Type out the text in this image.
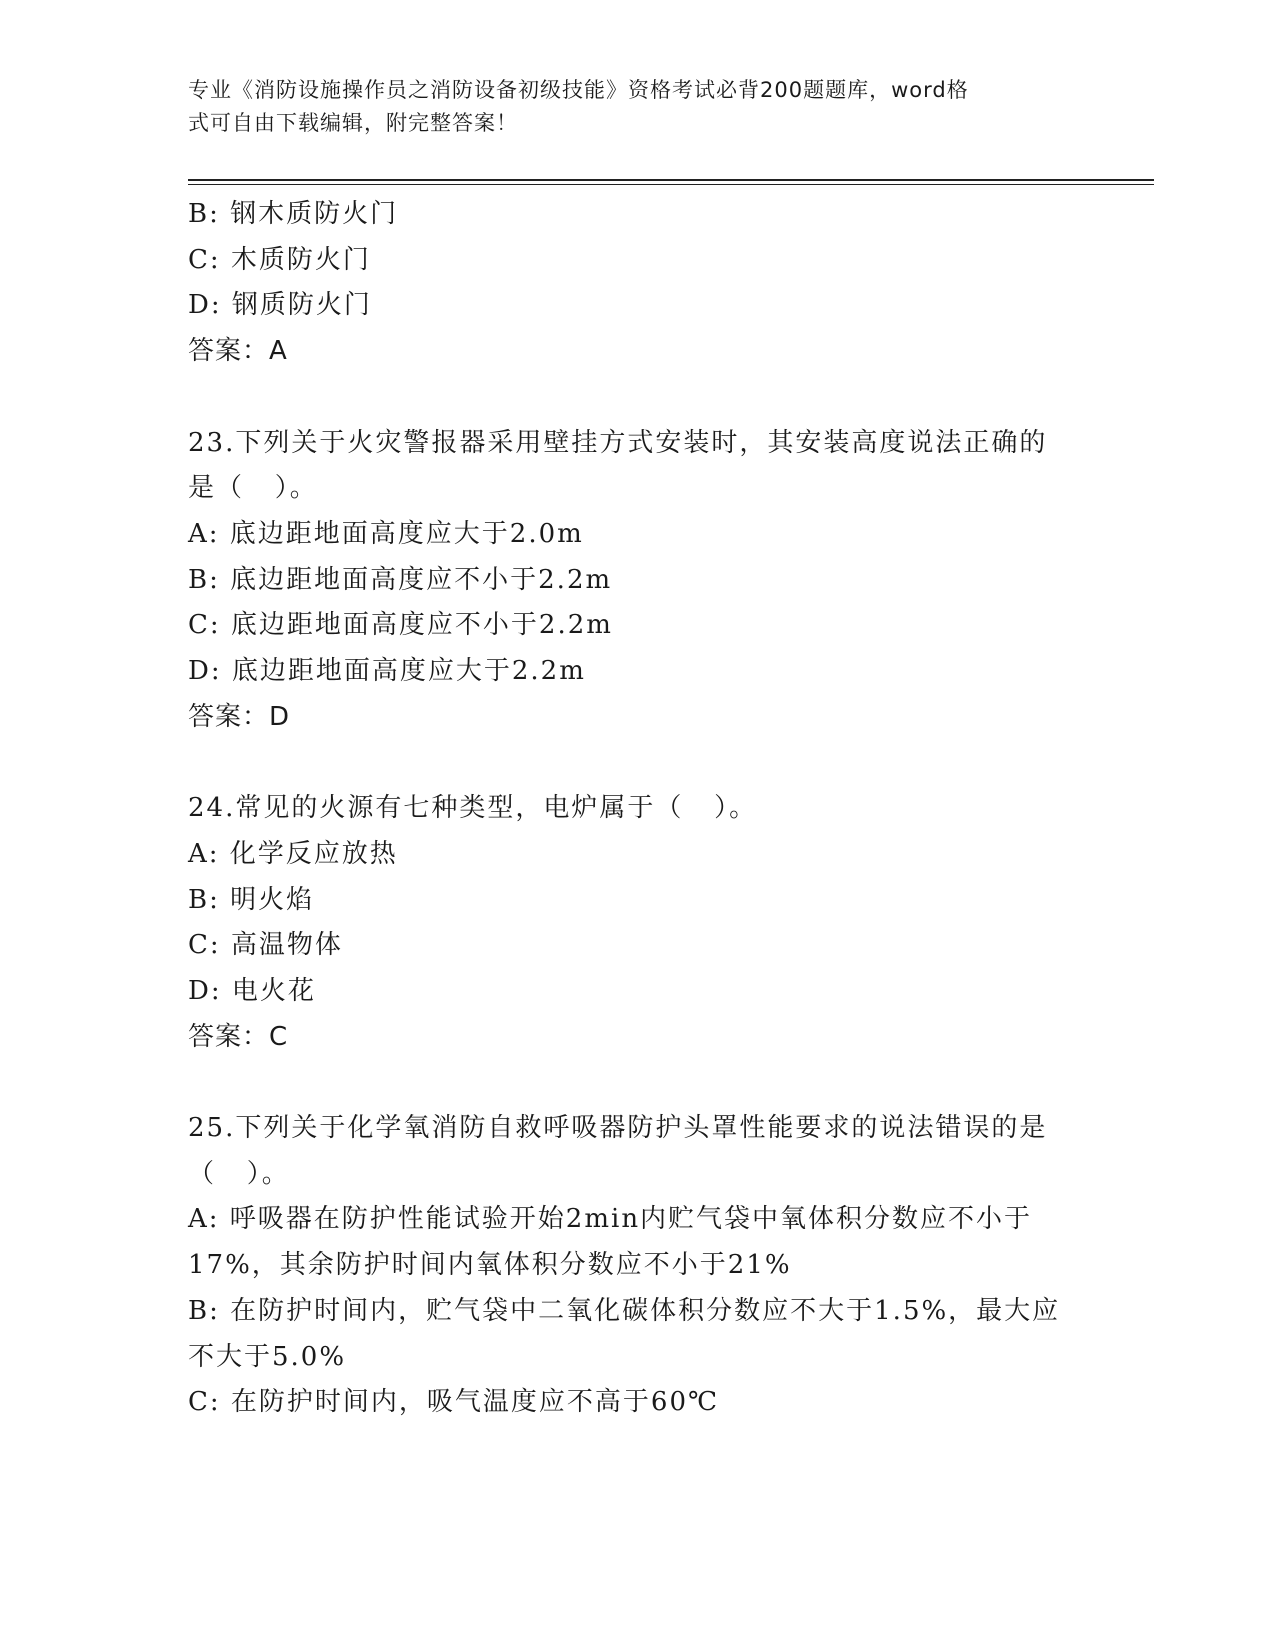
专业《消防设施操作员之消防设备初级技能》资格考试必背200题题库，word格
式可自由下载编辑，附完整答案！
B: 钢木质防火门
C: 木质防火门
D: 钢质防火门
答案：A
23.下列关于火灾警报器采用壁挂方式安装时，其安装高度说法正确的
是（   ）。
A: 底边距地面高度应大于2.0m
B: 底边距地面高度应不小于2.2m
C: 底边距地面高度应不小于2.2m
D: 底边距地面高度应大于2.2m
答案：D
24.常见的火源有七种类型，电炉属于（   ）。
A: 化学反应放热
B: 明火焰
C: 高温物体
D: 电火花
答案：C
25.下列关于化学氧消防自救呼吸器防护头罩性能要求的说法错误的是
（   ）。
A: 呼吸器在防护性能试验开始2min内贮气袋中氧体积分数应不小于
17%，其余防护时间内氧体积分数应不小于21%
B: 在防护时间内，贮气袋中二氧化碳体积分数应不大于1.5%，最大应
不大于5.0%
C: 在防护时间内，吸气温度应不高于60℃
